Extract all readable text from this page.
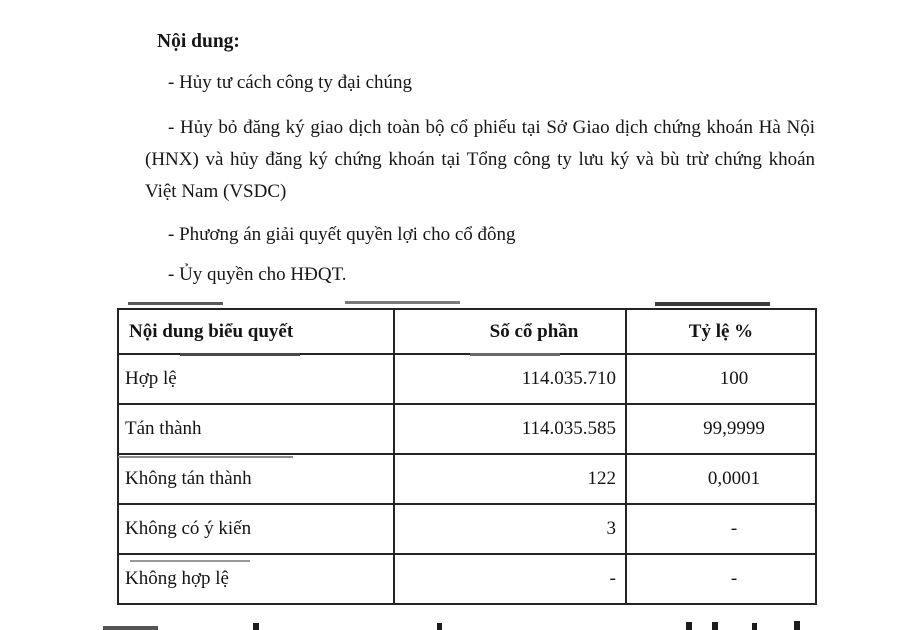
Nội dung:
- Hủy tư cách công ty đại chúng
- Hủy bỏ đăng ký giao dịch toàn bộ cổ phiếu tại Sở Giao dịch chứng khoán Hà Nội
(HNX) và hủy đăng ký chứng khoán tại Tổng công ty lưu ký và bù trừ chứng khoán
Việt Nam (VSDC)
- Phương án giải quyết quyền lợi cho cổ đông
- Ủy quyền cho HĐQT.
Nội dung biểu quyết	Số cổ phần	Tỷ lệ %
Hợp lệ	114.035.710	100
Tán thành	114.035.585	99,9999
Không tán thành	122	0,0001
Không có ý kiến	3	-
Không hợp lệ	-	-
